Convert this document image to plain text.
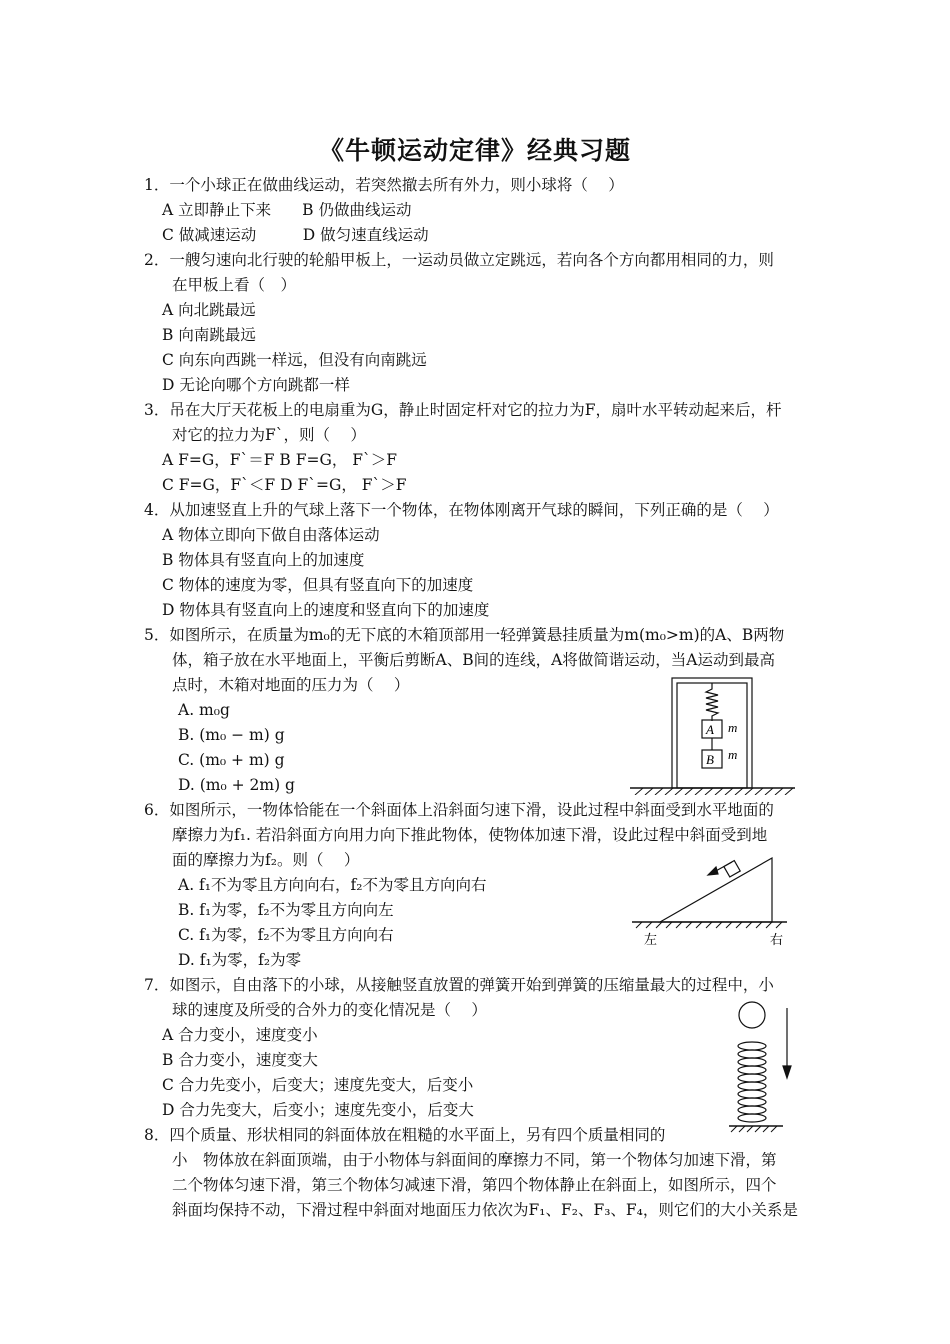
《牛顿运动定律》经典习题
1．一个小球正在做曲线运动，若突然撤去所有外力，则小球将（　 ）
A 立即静止下来　　B 仍做曲线运动
C 做减速运动　　　D 做匀速直线运动
2．一艘匀速向北行驶的轮船甲板上，一运动员做立定跳远，若向各个方向都用相同的力，则
在甲板上看（　）
A 向北跳最远
B 向南跳最远
C 向东向西跳一样远，但没有向南跳远
D 无论向哪个方向跳都一样
3．吊在大厅天花板上的电扇重为G，静止时固定杆对它的拉力为F，扇叶水平转动起来后，杆
对它的拉力为F`，则（　 ）
A F=G，F`＝F B F=G， F`＞F
C F=G，F`＜F D F`=G， F`＞F
4．从加速竖直上升的气球上落下一个物体，在物体刚离开气球的瞬间，下列正确的是（　 ）
A 物体立即向下做自由落体运动
B 物体具有竖直向上的加速度
C 物体的速度为零，但具有竖直向下的加速度
D 物体具有竖直向上的速度和竖直向下的加速度
5．如图所示，在质量为m₀的无下底的木箱顶部用一轻弹簧悬挂质量为m(m₀>m)的A、B两物
体，箱子放在水平地面上，平衡后剪断A、B间的连线，A将做简谐运动，当A运动到最高
点时，木箱对地面的压力为（　 ）
A. m₀g
B. (m₀ − m) g
C. (m₀ + m) g
D. (m₀ + 2m) g
A
B
m
m
6．如图所示，一物体恰能在一个斜面体上沿斜面匀速下滑，设此过程中斜面受到水平地面的
摩擦力为f₁. 若沿斜面方向用力向下推此物体，使物体加速下滑，设此过程中斜面受到地
面的摩擦力为f₂。则（　 ）
A. f₁不为零且方向向右，f₂不为零且方向向右
B. f₁为零，f₂不为零且方向向左
C. f₁为零，f₂不为零且方向向右
D. f₁为零，f₂为零
左	右
7．如图示，自由落下的小球，从接触竖直放置的弹簧开始到弹簧的压缩量最大的过程中，小
球的速度及所受的合外力的变化情况是（　 ）
A 合力变小，速度变小
B 合力变小，速度变大
C 合力先变小，后变大；速度先变大，后变小
D 合力先变大，后变小；速度先变小，后变大
8．四个质量、形状相同的斜面体放在粗糙的水平面上，另有四个质量相同的
小　物体放在斜面顶端，由于小物体与斜面间的摩擦力不同，第一个物体匀加速下滑，第
二个物体匀速下滑，第三个物体匀减速下滑，第四个物体静止在斜面上，如图所示，四个
斜面均保持不动，下滑过程中斜面对地面压力依次为F₁、F₂、F₃、F₄，则它们的大小关系是
